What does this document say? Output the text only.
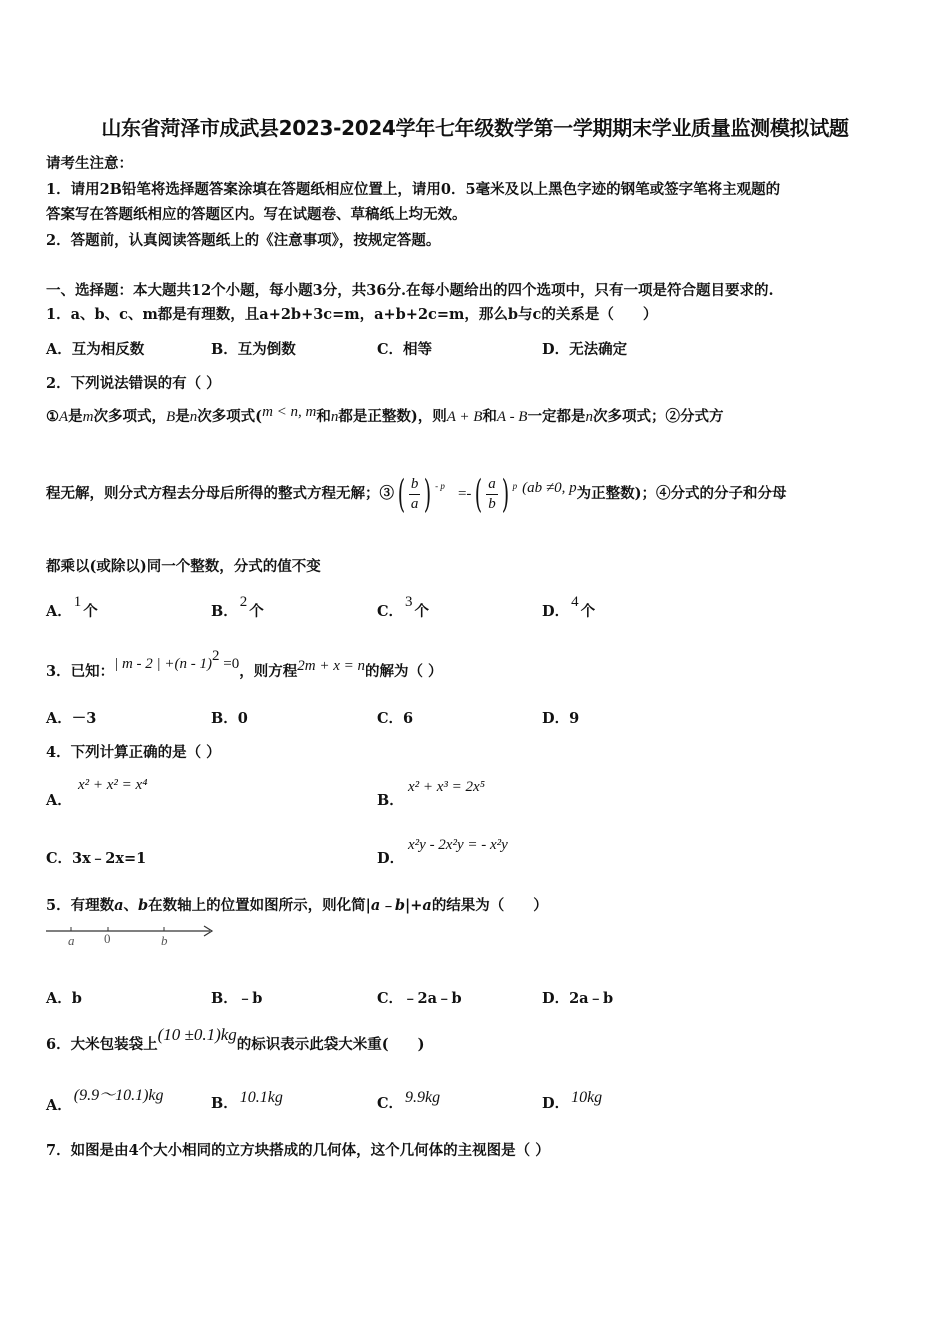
山东省菏泽市成武县2023-2024学年七年级数学第一学期期末学业质量监测模拟试题
请考生注意：
1．请用2B铅笔将选择题答案涂填在答题纸相应位置上，请用0．5毫米及以上黑色字迹的钢笔或签字笔将主观题的
答案写在答题纸相应的答题区内。写在试题卷、草稿纸上均无效。
2．答题前，认真阅读答题纸上的《注意事项》，按规定答题。
一、选择题：本大题共12个小题，每小题3分，共36分.在每小题给出的四个选项中，只有一项是符合题目要求的.
1．a、b、c、m都是有理数，且a+2b+3c=m，a+b+2c=m，那么b与c的关系是（　　）
A．互为相反数	B．互为倒数	C．相等	D．无法确定
2．下列说法错误的有（ ）
①A是m次多项式，B是n次多项式(m < n, m和n都是正整数)，则A + B和A - B一定都是n次多项式；②分式方
程无解，则分式方程去分母后所得的整式方程无解；③( $\frac{b}{a}$ ) $^{- p}$ =-( $\frac{a}{b}$ ) $^p$ (ab ≠0, p为正整数)；④分式的分子和分母
都乘以(或除以)同一个整数，分式的值不变
A．1个	B．2个	C．3个	D．4个
3．已知：| m - 2 | +(n - 1)$^2$ =0，则方程2m + x = n的解为（ ）
A．－3	B．0	C．6	D．9
4．下列计算正确的是（ ）
A．
x² + x² = x⁴
B．
x² + x³ = 2x⁵
C．3x﹣2x=1	D．
x²y - 2x²y = - x²y
5．有理数a、b在数轴上的位置如图所示，则化简|a﹣b|+a的结果为（　　）
a 0	b
A．b	B．﹣b	C．﹣2a﹣b	D．2a﹣b
6．大米包装袋上(10 ±0.1)kg的标识表示此袋大米重(　　)
A．(9.9～10.1)kg	B． 10.1kg	C． 9.9kg	D． 10kg
7．如图是由4个大小相同的立方块搭成的几何体，这个几何体的主视图是（ ）
